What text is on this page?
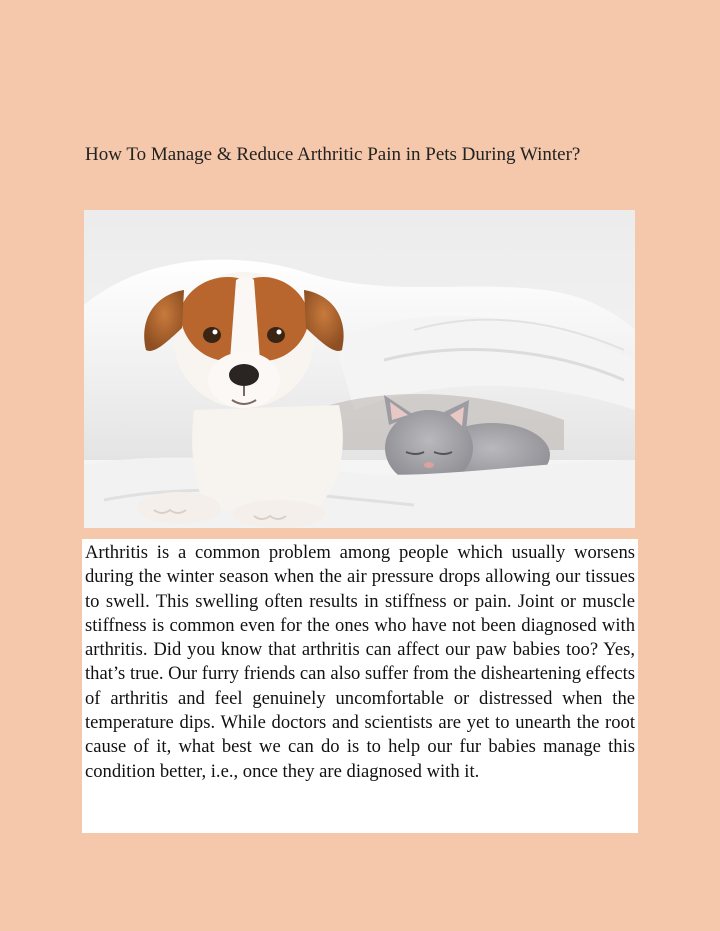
How To Manage & Reduce Arthritic Pain in Pets During Winter?

Arthritis is a common problem among people which usually worsens during the winter season when the air pressure drops allowing our tissues to swell. This swelling often results in stiffness or pain. Joint or muscle stiffness is common even for the ones who have not been diagnosed with arthritis. Did you know that arthritis can affect our paw babies too? Yes, that’s true. Our furry friends can also suffer from the disheartening effects of arthritis and feel genuinely uncomfortable or distressed when the temperature dips. While doctors and scientists are yet to unearth the root cause of it, what best we can do is to help our fur babies manage this condition better, i.e., once they are diagnosed with it.
